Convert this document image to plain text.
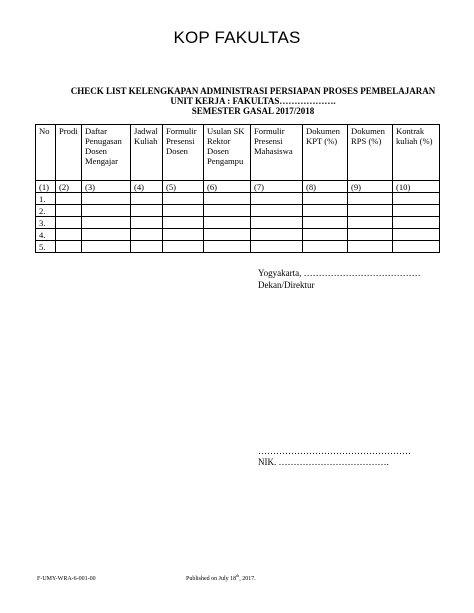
KOP FAKULTAS
CHECK LIST KELENGKAPAN ADMINISTRASI PERSIAPAN PROSES PEMBELAJARAN
UNIT KERJA : FAKULTAS……………….
SEMESTER GASAL 2017/2018
No	Prodi	Daftar Penugasan Dosen Mengajar	Jadwal Kuliah	Formulir Presensi Dosen	Usulan SK Rektor Dosen Pengampu	Formulir Presensi Mahasiswa	Dokumen KPT (%)	Dokumen RPS (%)	Kontrak kuliah (%)
(1)	(2)	(3)	(4)	(5)	(6)	(7)	(8)	(9)	(10)
1.									
2.									
3.									
4.									
5.									
Yogyakarta, …………………………………
Dekan/Direktur
……………………………………………
NIK. ……………………………….
F-UMY-WRA-6-001-00	Published on July 18th, 2017.
